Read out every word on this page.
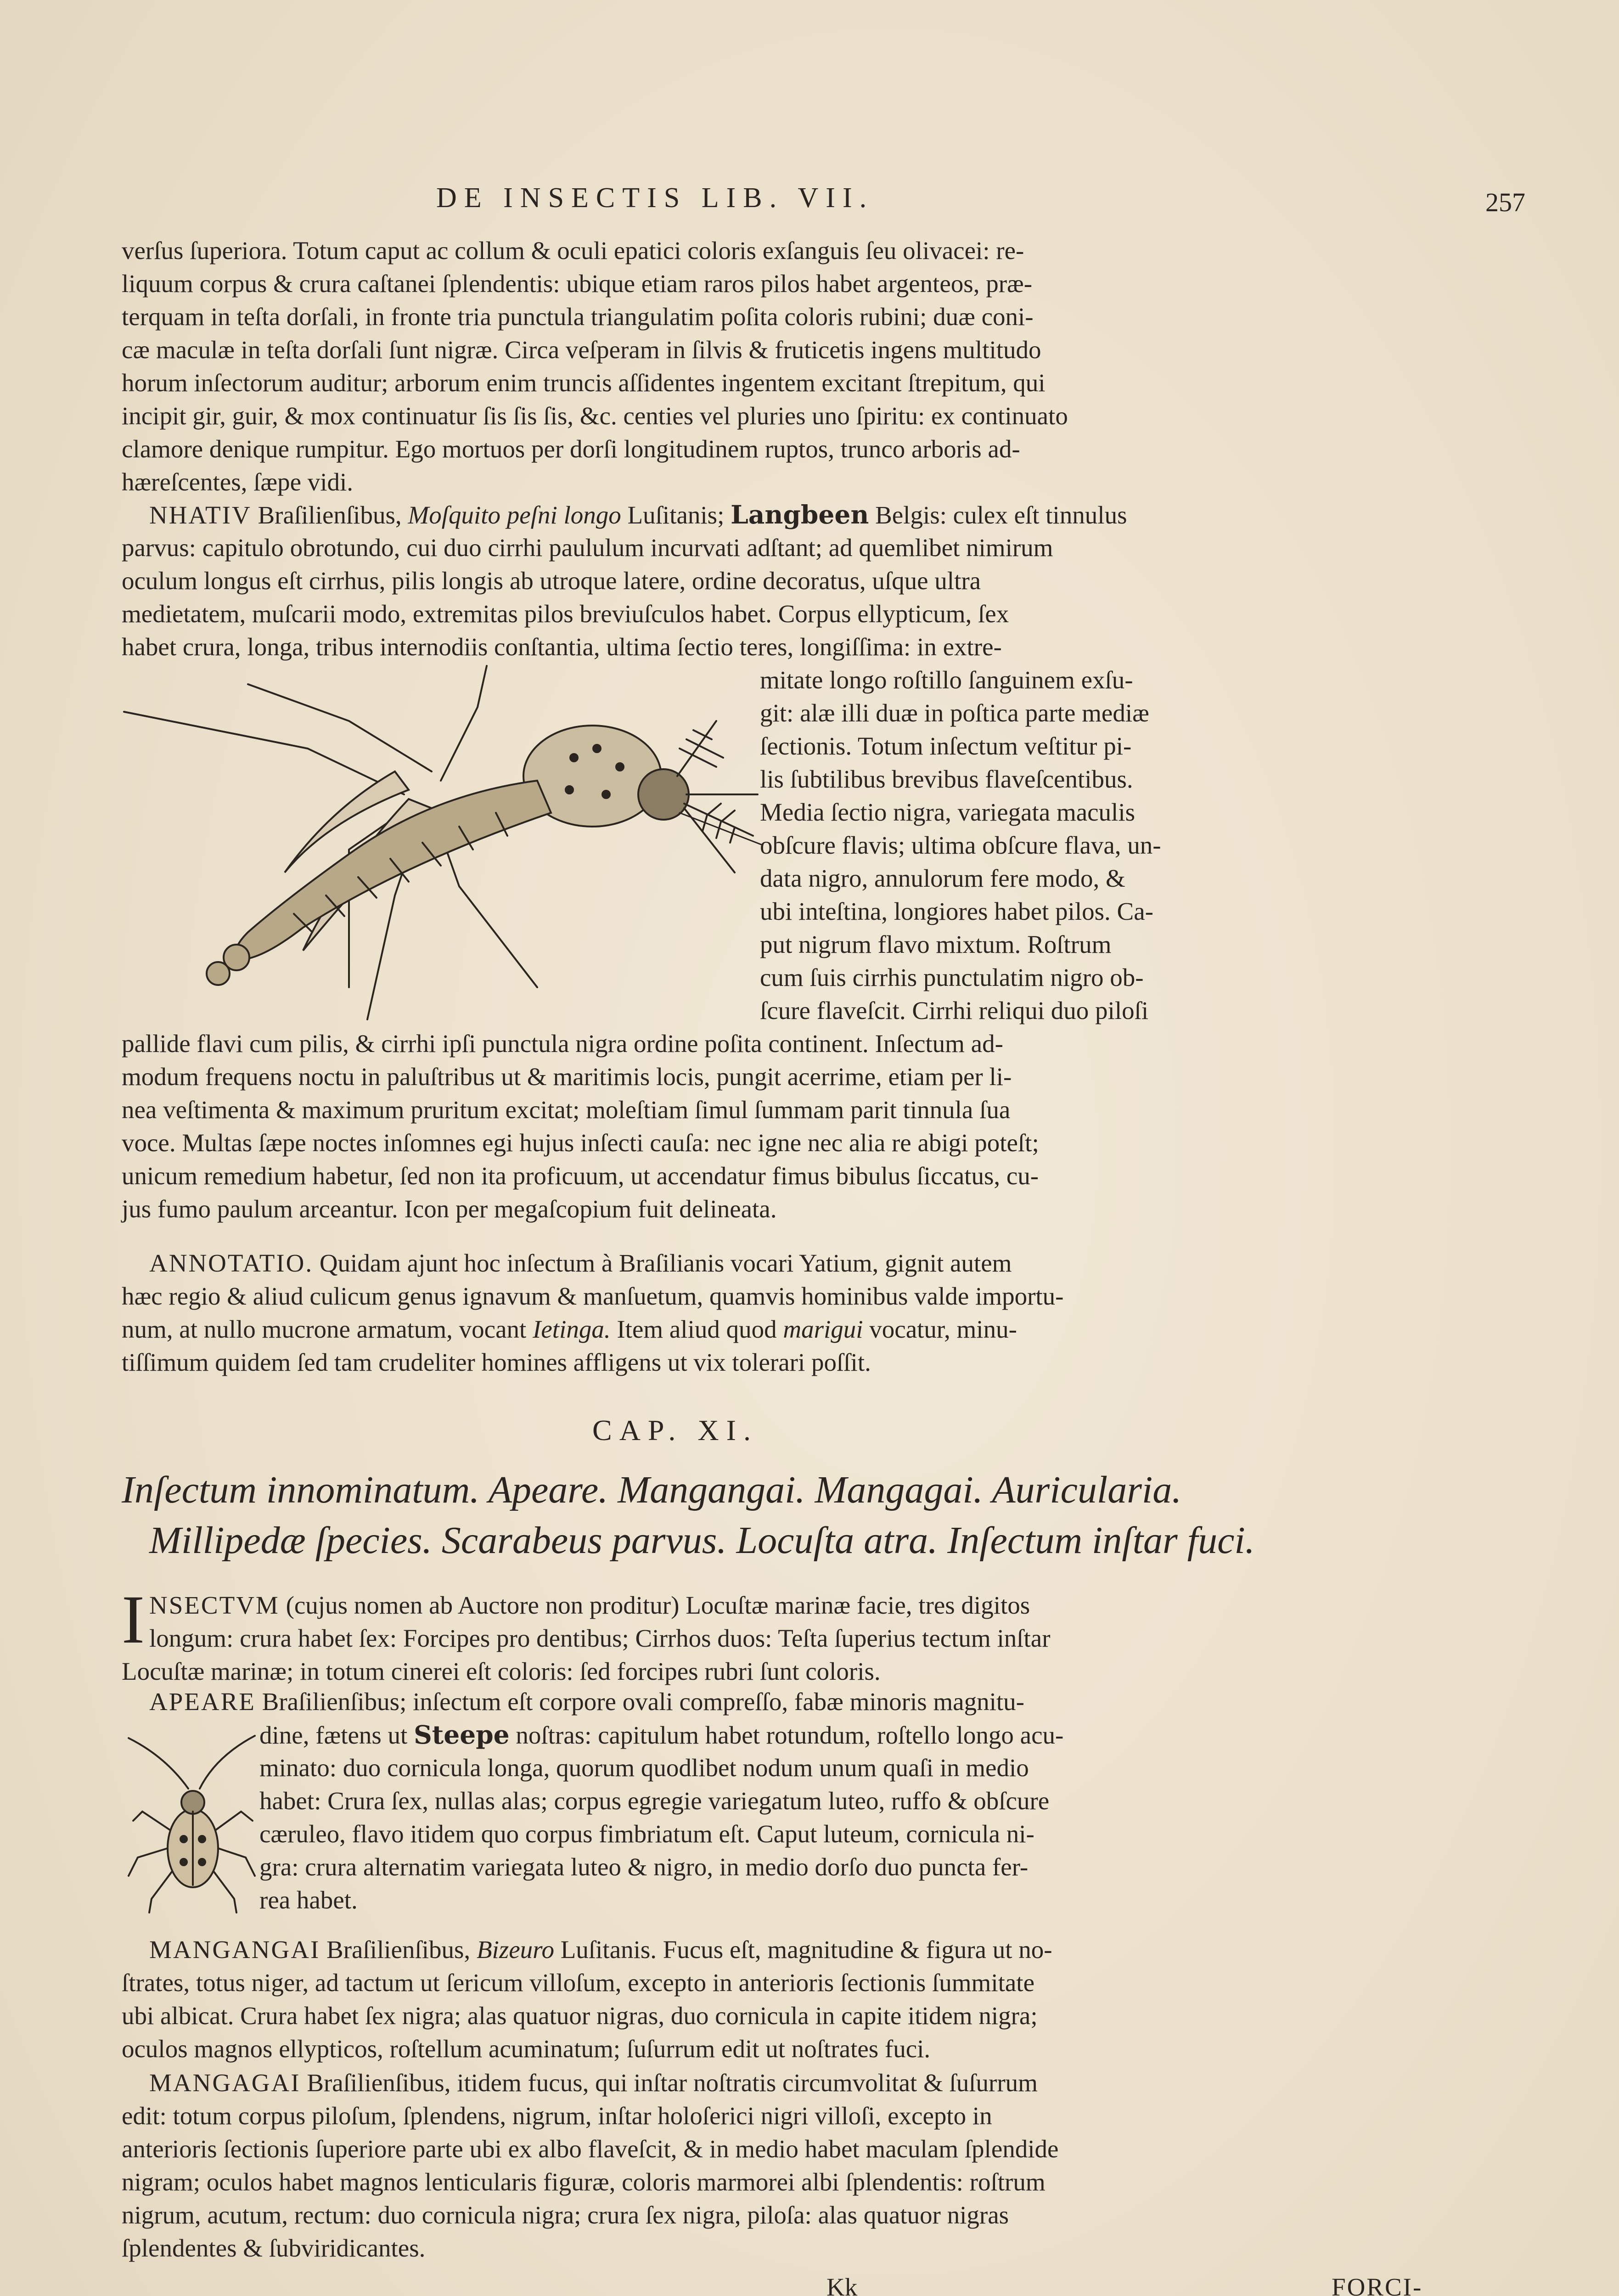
DE INSECTIS LIB. VII.	257
verſus ſuperiora. Totum caput ac collum & oculi epatici coloris exſanguis ſeu olivacei: re-
liquum corpus & crura caſtanei ſplendentis: ubique etiam raros pilos habet argenteos, præ-
terquam in teſta dorſali, in fronte tria punctula triangulatim poſita coloris rubini; duæ coni-
cæ maculæ in teſta dorſali ſunt nigræ. Circa veſperam in ſilvis & fruticetis ingens multitudo
horum inſectorum auditur; arborum enim truncis aſſidentes ingentem excitant ſtrepitum, qui
incipit gir, guir, & mox continuatur ſis ſis ſis, &c. centies vel pluries uno ſpiritu: ex continuato
clamore denique rumpitur. Ego mortuos per dorſi longitudinem ruptos, trunco arboris ad-
hæreſcentes, ſæpe vidi.
NHATIV Braſilienſibus, Moſquito peſni longo Luſitanis; Langbeen Belgis: culex eſt tinnulus
parvus: capitulo obrotundo, cui duo cirrhi paululum incurvati adſtant; ad quemlibet nimirum
oculum longus eſt cirrhus, pilis longis ab utroque latere, ordine decoratus, uſque ultra
medietatem, muſcarii modo, extremitas pilos breviuſculos habet. Corpus ellypticum, ſex
habet crura, longa, tribus internodiis conſtantia, ultima ſectio teres, longiſſima: in extre-
mitate longo roſtillo ſanguinem exſu-
git: alæ illi duæ in poſtica parte mediæ
ſectionis. Totum inſectum veſtitur pi-
lis ſubtilibus brevibus flaveſcentibus.
Media ſectio nigra, variegata maculis
obſcure flavis; ultima obſcure flava, un-
data nigro, annulorum fere modo, &
ubi inteſtina, longiores habet pilos. Ca-
put nigrum flavo mixtum. Roſtrum
cum ſuis cirrhis punctulatim nigro ob-
ſcure flaveſcit. Cirrhi reliqui duo piloſi
pallide flavi cum pilis, & cirrhi ipſi punctula nigra ordine poſita continent. Inſectum ad-
modum frequens noctu in paluſtribus ut & maritimis locis, pungit acerrime, etiam per li-
nea veſtimenta & maximum pruritum excitat; moleſtiam ſimul ſummam parit tinnula ſua
voce. Multas ſæpe noctes inſomnes egi hujus inſecti cauſa: nec igne nec alia re abigi poteſt;
unicum remedium habetur, ſed non ita proficuum, ut accendatur fimus bibulus ſiccatus, cu-
jus fumo paulum arceantur. Icon per megaſcopium fuit delineata.
ANNOTATIO. Quidam ajunt hoc inſectum à Braſilianis vocari Yatium, gignit autem
hæc regio & aliud culicum genus ignavum & manſuetum, quamvis hominibus valde importu-
num, at nullo mucrone armatum, vocant Ietinga. Item aliud quod marigui vocatur, minu-
tiſſimum quidem ſed tam crudeliter homines affligens ut vix tolerari poſſit.
CAP. XI.
Inſectum innominatum. Apeare. Mangangai. Mangagai. Auricularia.
Millipedæ ſpecies. Scarabeus parvus. Locuſta atra. Inſectum inſtar fuci.
I NSECTVM (cujus nomen ab Auctore non proditur) Locuſtæ marinæ facie, tres digitos
longum: crura habet ſex: Forcipes pro dentibus; Cirrhos duos: Teſta ſuperius tectum inſtar
Locuſtæ marinæ; in totum cinerei eſt coloris: ſed forcipes rubri ſunt coloris.
APEARE Braſilienſibus; inſectum eſt corpore ovali compreſſo, fabæ minoris magnitu-
dine, fætens ut Steepe noſtras: capitulum habet rotundum, roſtello longo acu-
minato: duo cornicula longa, quorum quodlibet nodum unum quaſi in medio
habet: Crura ſex, nullas alas; corpus egregie variegatum luteo, ruffo & obſcure
cæruleo, flavo itidem quo corpus fimbriatum eſt. Caput luteum, cornicula ni-
gra: crura alternatim variegata luteo & nigro, in medio dorſo duo puncta fer-
rea habet.
MANGANGAI Braſilienſibus, Bizeuro Luſitanis. Fucus eſt, magnitudine & figura ut no-
ſtrates, totus niger, ad tactum ut ſericum villoſum, excepto in anterioris ſectionis ſummitate
ubi albicat. Crura habet ſex nigra; alas quatuor nigras, duo cornicula in capite itidem nigra;
oculos magnos ellypticos, roſtellum acuminatum; ſuſurrum edit ut noſtrates fuci.
MANGAGAI Braſilienſibus, itidem fucus, qui inſtar noſtratis circumvolitat & ſuſurrum
edit: totum corpus piloſum, ſplendens, nigrum, inſtar holoſerici nigri villoſi, excepto in
anterioris ſectionis ſuperiore parte ubi ex albo flaveſcit, & in medio habet maculam ſplendide
nigram; oculos habet magnos lenticularis figuræ, coloris marmorei albi ſplendentis: roſtrum
nigrum, acutum, rectum: duo cornicula nigra; crura ſex nigra, piloſa: alas quatuor nigras
ſplendentes & ſubviridicantes.
Kk	FORCI-
